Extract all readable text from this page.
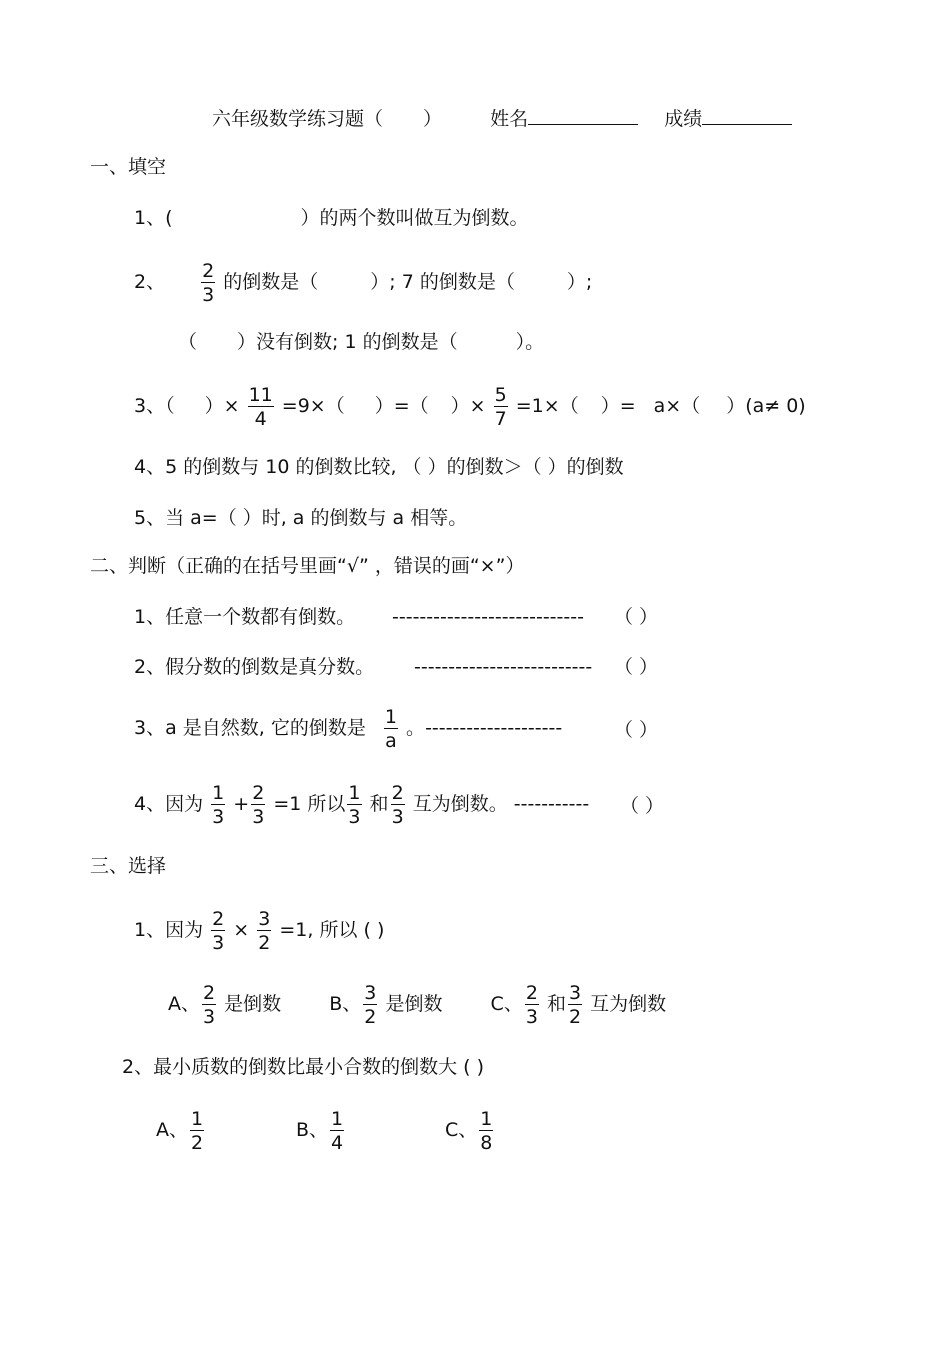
六年级数学练习题（ ）	姓名	成绩
一、填空
1、(	）的两个数叫做互为倒数。
2、 $\frac{2}{3}$ 的倒数是（	）; 7 的倒数是（	）;
（ ）没有倒数; 1 的倒数是（	）。
3、（ ）× $\frac{11}{4} =9\times$（ ）=（ ）× $\frac{5}{7} =1\times$（ ）= a×（ ）(a≠ 0)
4、5 的倒数与 10 的倒数比较, （ ）的倒数＞（ ）的倒数
5、当 a=（ ）时, a 的倒数与 a 相等。
二、判断（正确的在括号里画“√” ，错误的画“×”）
1、任意一个数都有倒数。 ---------------------------- （ ）
2、假分数的倒数是真分数。 -------------------------- （ ）
3、a 是自然数, 它的倒数是 $\frac{1}{a}$ 。--------------------	（ ）
4、因为 $\frac{1}{3} + \frac{2}{3} =1$ 所以 $\frac{1}{3}$ 和 $\frac{2}{3}$ 互为倒数。 ----------- （ ）
三、选择
1、因为 $\frac{2}{3} \times \frac{3}{2} =1$, 所以 ( )
A、 $\frac{2}{3}$ 是倒数	B、 $\frac{3}{2}$ 是倒数	C、 $\frac{2}{3}$ 和 $\frac{3}{2}$ 互为倒数
2、最小质数的倒数比最小合数的倒数大 ( )
A、 $\frac{1}{2}$	B、 $\frac{1}{4}$	C、 $\frac{1}{8}$
